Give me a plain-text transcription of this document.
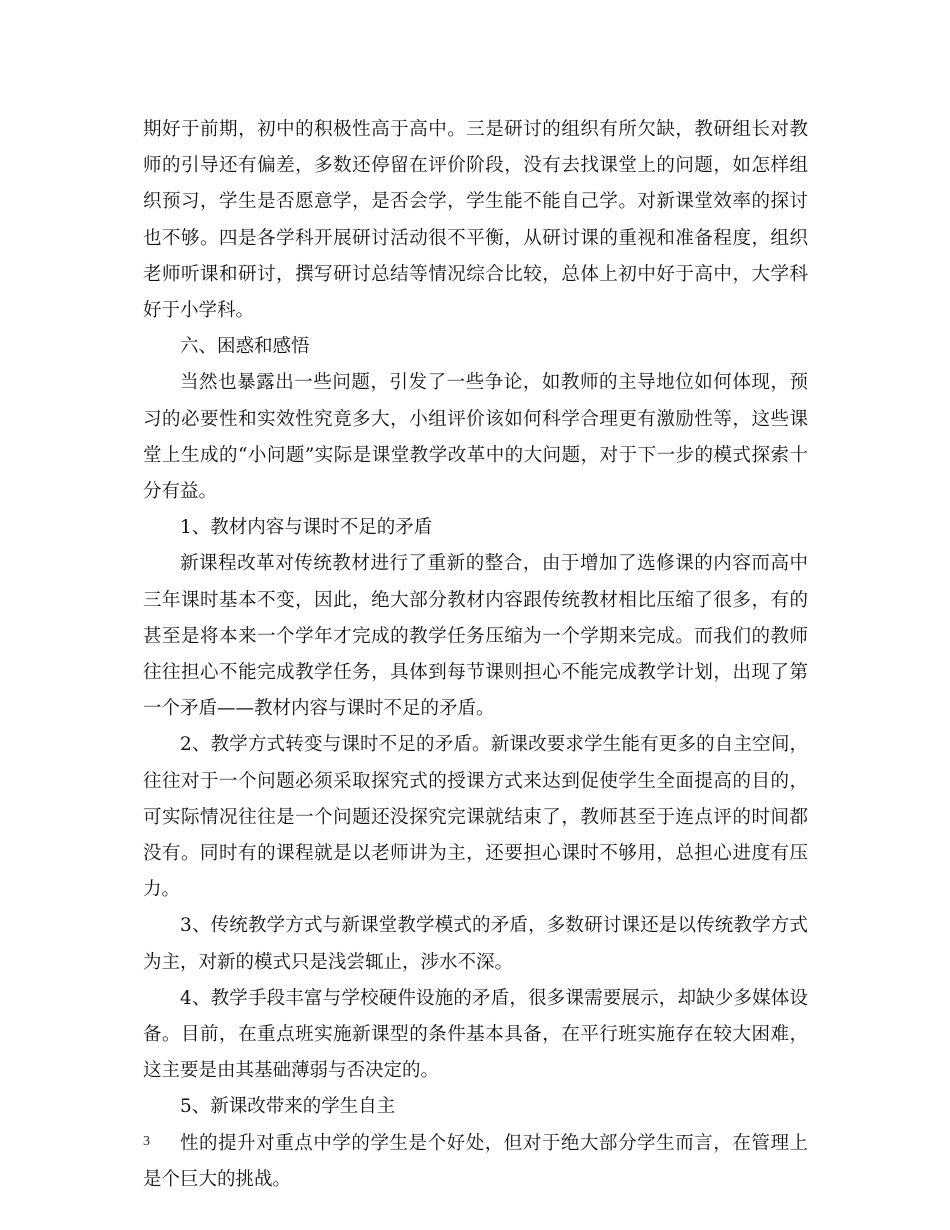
期好于前期，初中的积极性高于高中。三是研讨的组织有所欠缺，教研组长对教师的引导还有偏差，多数还停留在评价阶段，没有去找课堂上的问题，如怎样组织预习，学生是否愿意学，是否会学，学生能不能自己学。对新课堂效率的探讨也不够。四是各学科开展研讨活动很不平衡，从研讨课的重视和准备程度，组织老师听课和研讨，撰写研讨总结等情况综合比较，总体上初中好于高中，大学科好于小学科。

六、困惑和感悟

当然也暴露出一些问题，引发了一些争论，如教师的主导地位如何体现，预习的必要性和实效性究竟多大，小组评价该如何科学合理更有激励性等，这些课堂上生成的“小问题”实际是课堂教学改革中的大问题，对于下一步的模式探索十分有益。

1、教材内容与课时不足的矛盾

新课程改革对传统教材进行了重新的整合，由于增加了选修课的内容而高中三年课时基本不变，因此，绝大部分教材内容跟传统教材相比压缩了很多，有的甚至是将本来一个学年才完成的教学任务压缩为一个学期来完成。而我们的教师往往担心不能完成教学任务，具体到每节课则担心不能完成教学计划，出现了第一个矛盾——教材内容与课时不足的矛盾。

2、教学方式转变与课时不足的矛盾。新课改要求学生能有更多的自主空间，往往对于一个问题必须采取探究式的授课方式来达到促使学生全面提高的目的，可实际情况往往是一个问题还没探究完课就结束了，教师甚至于连点评的时间都没有。同时有的课程就是以老师讲为主，还要担心课时不够用，总担心进度有压力。

3、传统教学方式与新课堂教学模式的矛盾，多数研讨课还是以传统教学方式为主，对新的模式只是浅尝辄止，涉水不深。

4、教学手段丰富与学校硬件设施的矛盾，很多课需要展示，却缺少多媒体设备。目前，在重点班实施新课型的条件基本具备，在平行班实施存在较大困难，这主要是由其基础薄弱与否决定的。

5、新课改带来的学生自主

性的提升对重点中学的学生是个好处，但对于绝大部分学生而言，在管理上是个巨大的挑战。

3
